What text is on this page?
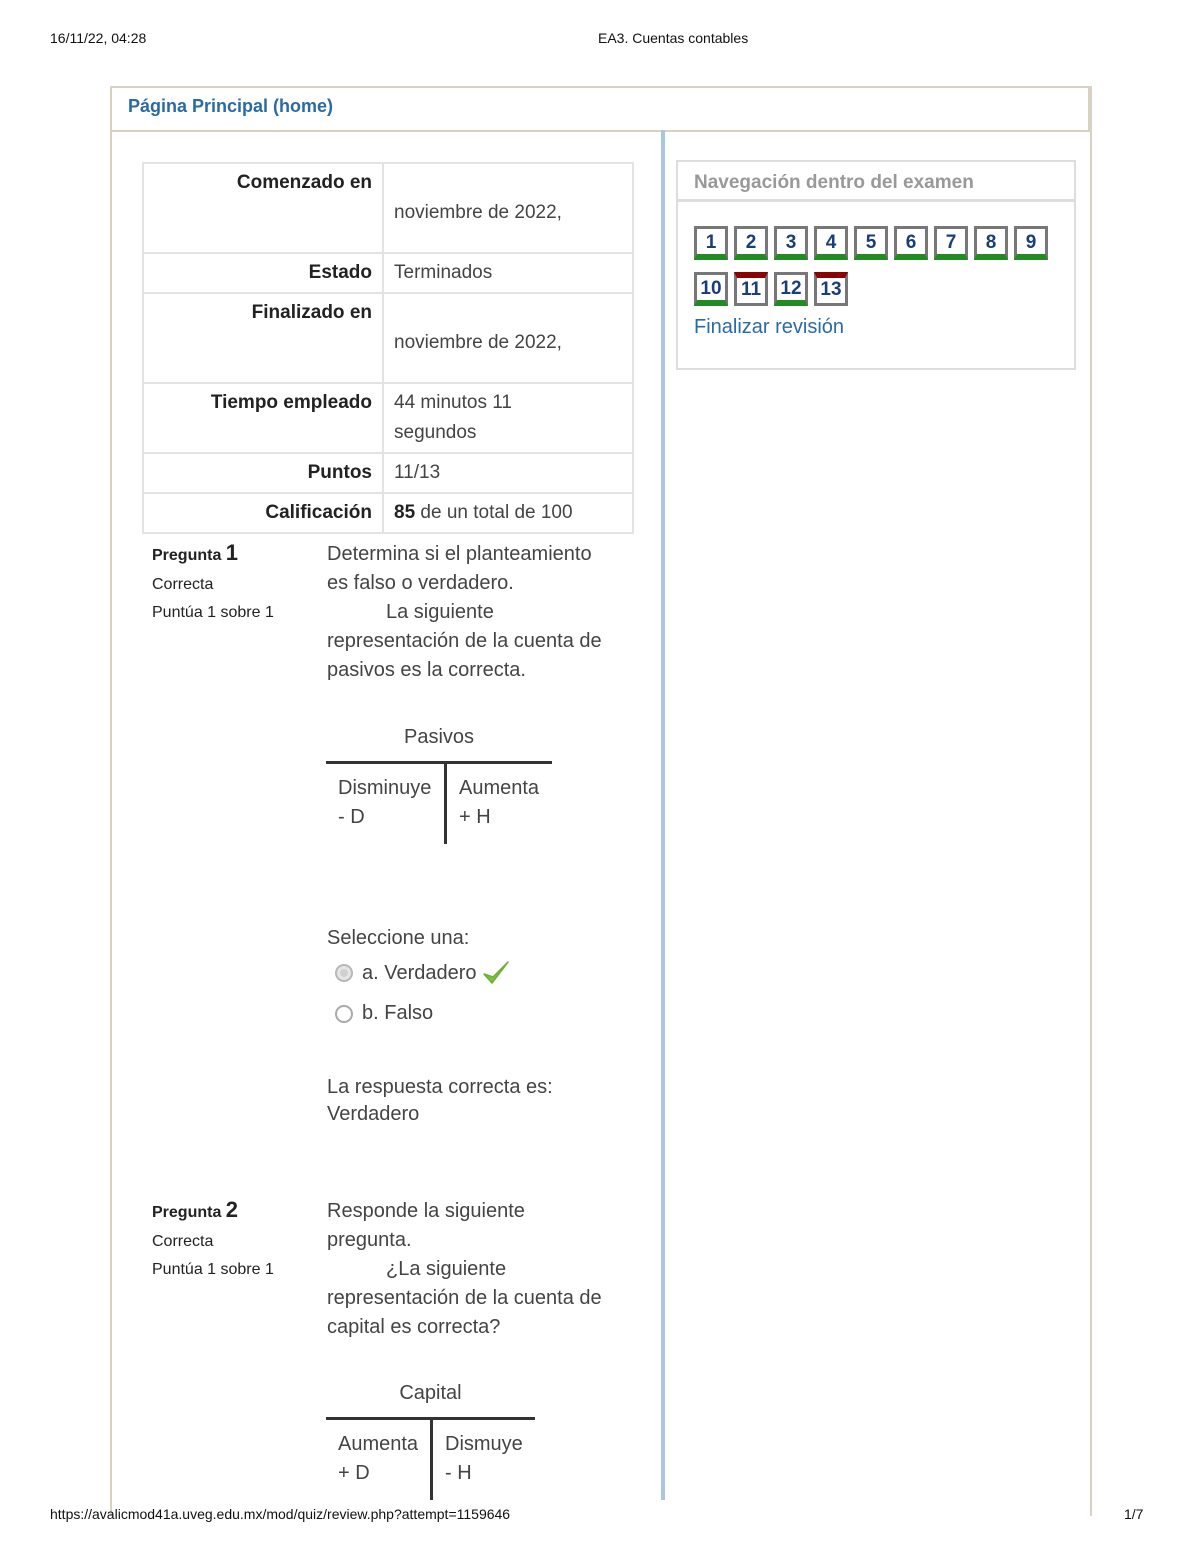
16/11/22, 04:28	EA3. Cuentas contables
Página Principal (home)
Comenzado en	noviembre de 2022,
Estado	Terminados
Finalizado en	noviembre de 2022,
Tiempo empleado	44 minutos 11
segundos
Puntos	11/13
Calificación	85 de un total de 100
Pregunta 1
Correcta
Puntúa 1 sobre 1
Determina si el planteamiento
es falso o verdadero.
La siguiente
representación de la cuenta de
pasivos es la correcta.
Pasivos
Disminuye
- D
Aumenta
+ H
Seleccione una:
a. Verdadero
b. Falso
La respuesta correcta es:
Verdadero
Pregunta 2
Correcta
Puntúa 1 sobre 1
Responde la siguiente
pregunta.
¿La siguiente
representación de la cuenta de
capital es correcta?
Capital
Aumenta
+ D
Dismuye
- H
Navegación dentro del examen
1	2	3	4	5	6	7	8	9
10	11	12 13
Finalizar revisión
https://avalicmod41a.uveg.edu.mx/mod/quiz/review.php?attempt=1159646	1/7
